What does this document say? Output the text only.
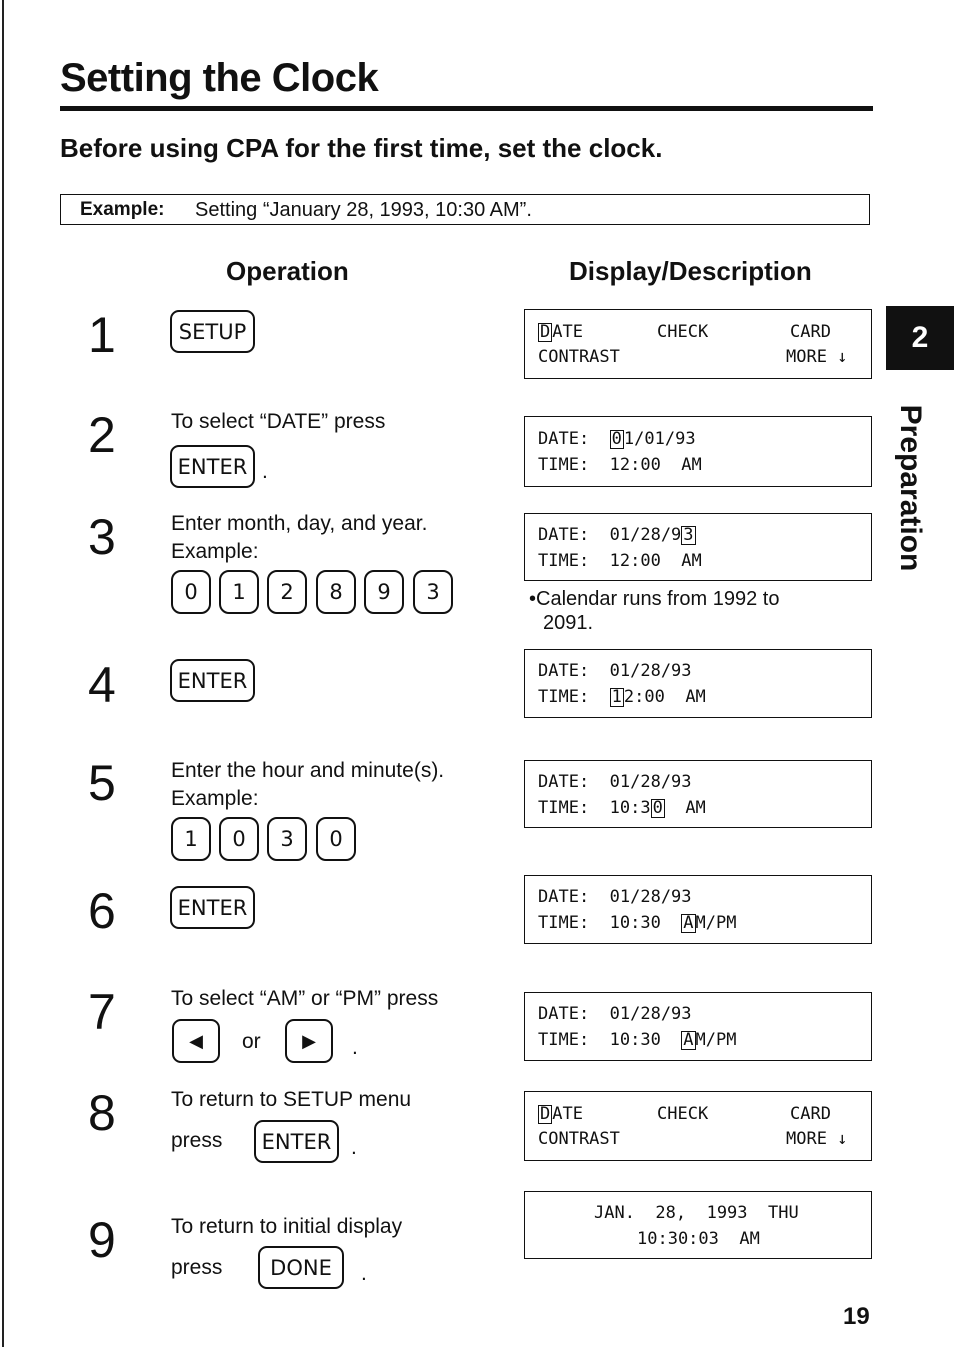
Setting the Clock
Before using CPA for the first time, set the clock.
Example: Setting “January 28, 1993, 10:30 AM”.
Operation	Display/Description
2
Preparation
1	SETUP
2	To select “DATE” press
ENTER .
3	Enter month, day, and year.
Example:
0	1	2	8	9	3
4	ENTER
5	Enter the hour and minute(s).
Example:
1	0	3	0
6	ENTER
7	To select “AM” or “PM” press
◀	or	▶	.
8	To return to SETUP menu
press	ENTER .
9	To return to initial display
press	DONE	.
D ATE	CHECK	CARD
CONTRAST	MORE ↓
DATE:  0 1/01/93
TIME:  12:00  AM
DATE:  01/28/9 3
TIME:  12:00  AM
•Calendar runs from 1992 to
2091.
DATE:  01/28/93
TIME:  1 2:00  AM
DATE:  01/28/93
TIME:  10:3 0  AM
DATE:  01/28/93
TIME:  10:30  A M/PM
DATE:  01/28/93
TIME:  10:30  A M/PM
D ATE	CHECK	CARD
CONTRAST	MORE ↓
JAN.  28,  1993  THU
10:30:03  AM
19
